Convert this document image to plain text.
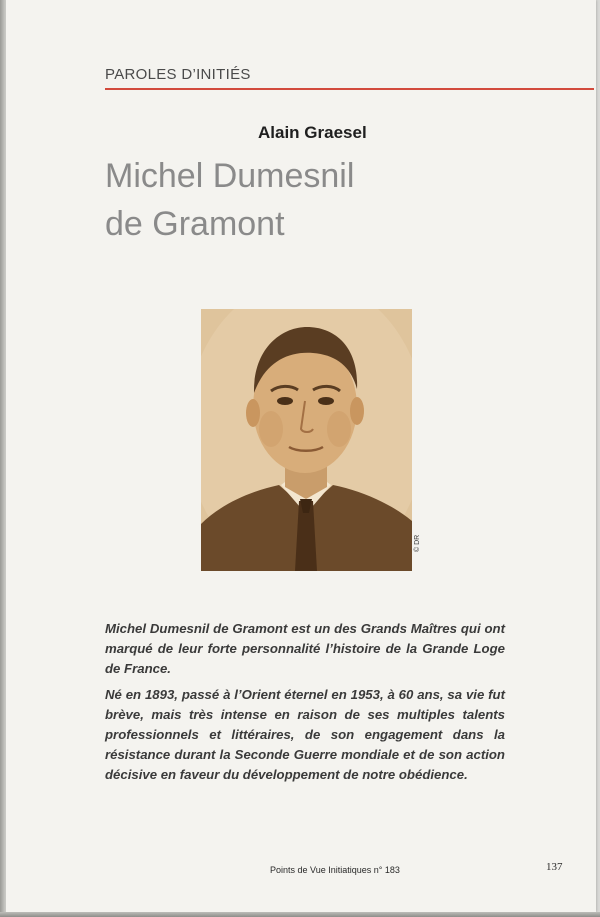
PAROLES D’INITIÉS
Alain Graesel
Michel Dumesnil
de Gramont
© DR

Michel Dumesnil de Gramont est un des Grands Maîtres qui ont marqué de leur forte personnalité l’histoire de la Grande Loge de France.

Né en 1893, passé à l’Orient éternel en 1953, à 60 ans, sa vie fut brève, mais très intense en raison de ses multiples talents professionnels et littéraires, de son engagement dans la résistance durant la Seconde Guerre mondiale et de son action décisive en faveur du développement de notre obédience.

Points de Vue Initiatiques n° 183	137
